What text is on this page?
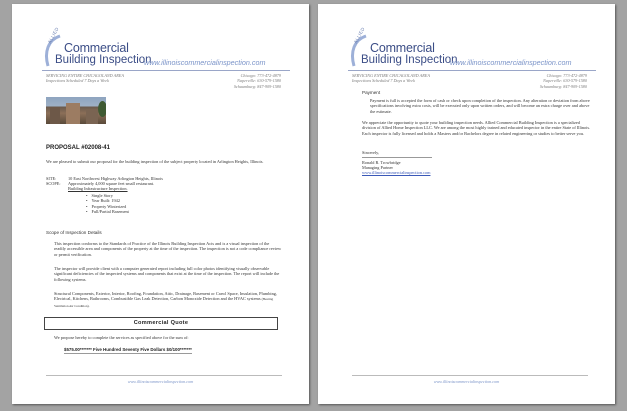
ALLIED
Commercial
Building Inspection
www.illinoiscommercialinspection.com
SERVICING ENTIRE CHICAGOLAND AREA
Inspections Scheduled 7 Days a Week
Chicago: 773-472-4879
Naperville: 630-579-1580
Schaumburg: 847-909-1580
PROPOSAL #02008-41
We are pleased to submit our proposal for the building inspection of the subject property located in Arlington Heights, Illinois.
SITE:	10 East Northwest Highway Arlington Heights, Illinois
SCOPE: Approximately 4,000 square feet small restaurant.
Building Infrastructure Inspection.
• Single Story
• Year Built: 1942
• Property Winterized
• Full/Partial Basement
Scope of Inspection Details
This inspection conforms to the Standards of Practice of the Illinois Building Inspection Acts and is a visual inspection of the readily accessible area and components of the property at the time of the inspection. The inspection is not a code compliance review or permit verification.
The inspector will provide client with a computer generated report including full color photos identifying visually observable significant deficiencies of the inspected systems and components that exist at the time of the inspection. The report will include the following systems.
Structural Components, Exterior, Interior, Roofing, Foundation, Attic, Drainage, Basement or Crawl Space, Insulation, Plumbing, Electrical, Kitchens, Bathrooms, Combustible Gas Leak Detection, Carbon Monoxide Detection and the HVAC systems (Heating Ventilation Air Condition).
Commercial Quote
We propose hereby to complete the services as specified above for the sum of:
$575.00******* Five Hundred Seventy Five Dollars $0/100*******
www.illinoiscommercialinspection.com
ALLIED
Commercial
Building Inspection
www.illinoiscommercialinspection.com
SERVICING ENTIRE CHICAGOLAND AREA
Inspections Scheduled 7 Days a Week
Chicago: 773-472-4879
Naperville: 630-579-1580
Schaumburg: 847-909-1580
Payment
Payment is full is accepted the form of cash or check upon completion of the inspection. Any alteration or deviation from above specifications involving extra costs, will be executed only upon written orders, and will become an extra charge over and above the estimate.
We appreciate the opportunity to quote your building inspection needs. Allied Commercial Building Inspection is a specialized division of Allied Home Inspection LLC. We are among the most highly trained and educated inspector in the entire State of Illinois. Each inspector is fully licensed and holds a Masters and/or Bachelors degree in related engineering or studies to better serve you.
Sincerely,
Ronald R. Trowbridge
Managing Partner
www.illinoiscommercialinspection.com
www.illinoiscommercialinspection.com
